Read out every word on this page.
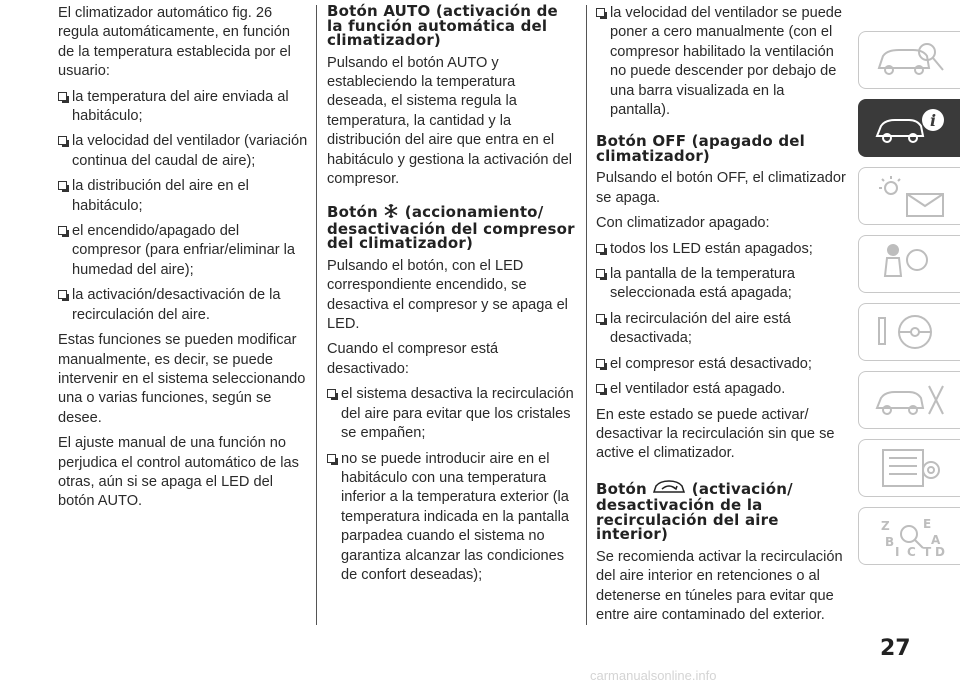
El climatizador automático fig. 26 regula automáticamente, en función de la temperatura establecida por el usuario:

la temperatura del aire enviada al habitáculo;
la velocidad del ventilador (variación continua del caudal de aire);
la distribución del aire en el habitáculo;
el encendido/apagado del compresor (para enfriar/eliminar la humedad del aire);
la activación/desactivación de la recirculación del aire.

Estas funciones se pueden modificar manualmente, es decir, se puede intervenir en el sistema seleccionando una o varias funciones, según se desee.

El ajuste manual de una función no perjudica el control automático de las otras, aún si se apaga el LED del botón AUTO.

Botón AUTO (activación de la función automática del climatizador)

Pulsando el botón AUTO y estableciendo la temperatura deseada, el sistema regula la temperatura, la cantidad y la distribución del aire que entra en el habitáculo y gestiona la activación del compresor.

Botón (accionamiento/ desactivación del compresor del climatizador)

Pulsando el botón, con el LED correspondiente encendido, se desactiva el compresor y se apaga el LED.

Cuando el compresor está desactivado:

el sistema desactiva la recirculación del aire para evitar que los cristales se empañen;
no se puede introducir aire en el habitáculo con una temperatura inferior a la temperatura exterior (la temperatura indicada en la pantalla parpadea cuando el sistema no garantiza alcanzar las condiciones de confort deseadas);
la velocidad del ventilador se puede poner a cero manualmente (con el compresor habilitado la ventilación no puede descender por debajo de una barra visualizada en la pantalla).
Botón OFF (apagado del climatizador)

Pulsando el botón OFF, el climatizador se apaga.

Con climatizador apagado:

todos los LED están apagados;
la pantalla de la temperatura seleccionada está apagada;
la recirculación del aire está desactivada;
el compresor está desactivado;
el ventilador está apagado.

En este estado se puede activar/ desactivar la recirculación sin que se active el climatizador.

Botón	(activación/ desactivación de la recirculación del aire interior)

Se recomienda activar la recirculación del aire interior en retenciones o al detenerse en túneles para evitar que entre aire contaminado del exterior.

i
Z	E
B	A
I C T D
27
carmanualsonline.info
